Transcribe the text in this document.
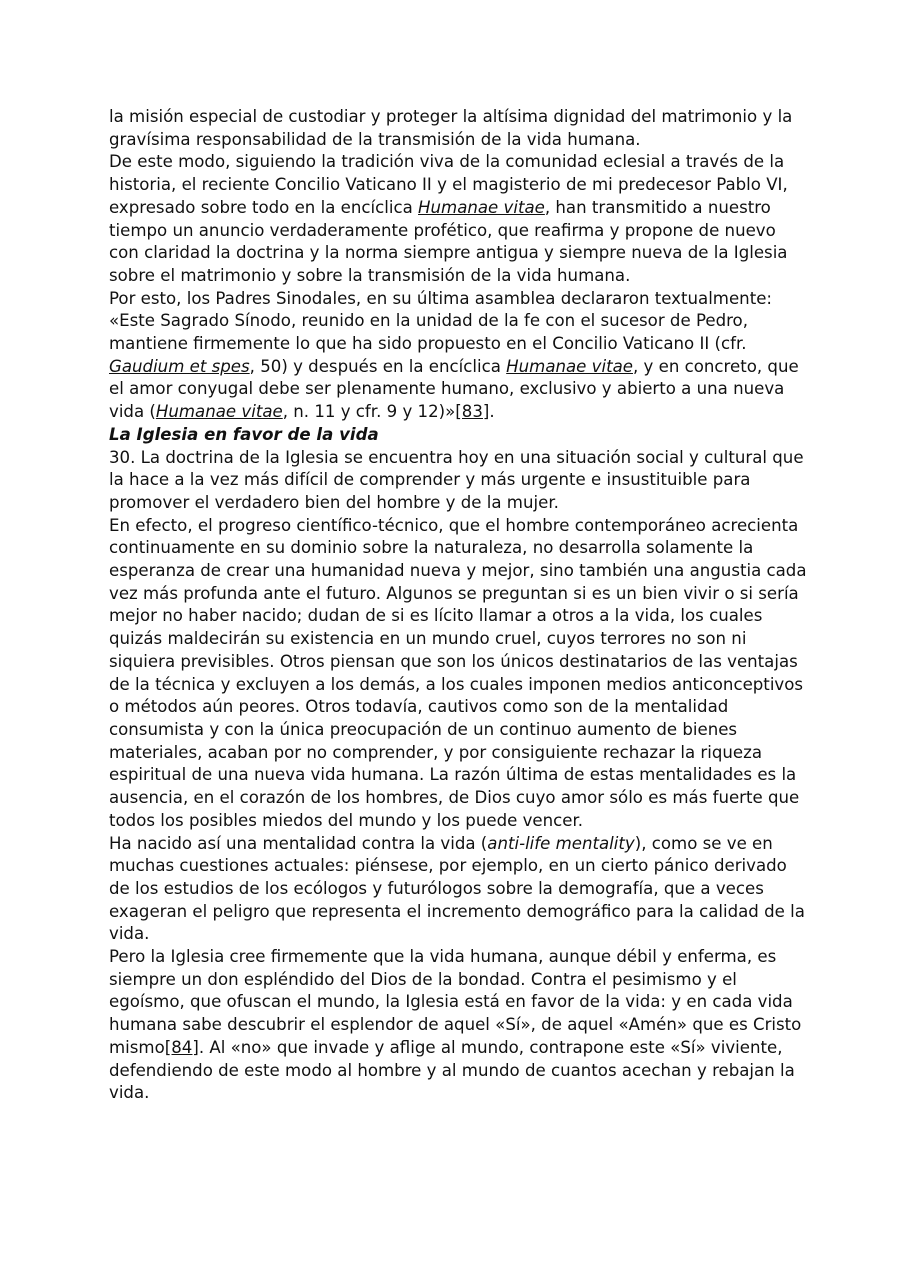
la misión especial de custodiar y proteger la altísima dignidad del matrimonio y la gravísima responsabilidad de la transmisión de la vida humana.

De este modo, siguiendo la tradición viva de la comunidad eclesial a través de la historia, el reciente Concilio Vaticano II y el magisterio de mi predecesor Pablo VI, expresado sobre todo en la encíclica Humanae vitae, han transmitido a nuestro tiempo un anuncio verdaderamente profético, que reafirma y propone de nuevo con claridad la doctrina y la norma siempre antigua y siempre nueva de la Iglesia sobre el matrimonio y sobre la transmisión de la vida humana.

Por esto, los Padres Sinodales, en su última asamblea declararon textualmente: «Este Sagrado Sínodo, reunido en la unidad de la fe con el sucesor de Pedro, mantiene firmemente lo que ha sido propuesto en el Concilio Vaticano II (cfr. Gaudium et spes, 50) y después en la encíclica Humanae vitae, y en concreto, que el amor conyugal debe ser plenamente humano, exclusivo y abierto a una nueva vida (Humanae vitae, n. 11 y cfr. 9 y 12)»[83].

La Iglesia en favor de la vida

30. La doctrina de la Iglesia se encuentra hoy en una situación social y cultural que la hace a la vez más difícil de comprender y más urgente e insustituible para promover el verdadero bien del hombre y de la mujer.

En efecto, el progreso científico-técnico, que el hombre contemporáneo acrecienta continuamente en su dominio sobre la naturaleza, no desarrolla solamente la esperanza de crear una humanidad nueva y mejor, sino también una angustia cada vez más profunda ante el futuro. Algunos se preguntan si es un bien vivir o si sería mejor no haber nacido; dudan de si es lícito llamar a otros a la vida, los cuales quizás maldecirán su existencia en un mundo cruel, cuyos terrores no son ni siquiera previsibles. Otros piensan que son los únicos destinatarios de las ventajas de la técnica y excluyen a los demás, a los cuales imponen medios anticonceptivos o métodos aún peores. Otros todavía, cautivos como son de la mentalidad consumista y con la única preocupación de un continuo aumento de bienes materiales, acaban por no comprender, y por consiguiente rechazar la riqueza espiritual de una nueva vida humana. La razón última de estas mentalidades es la ausencia, en el corazón de los hombres, de Dios cuyo amor sólo es más fuerte que todos los posibles miedos del mundo y los puede vencer.

Ha nacido así una mentalidad contra la vida (anti-life mentality), como se ve en muchas cuestiones actuales: piénsese, por ejemplo, en un cierto pánico derivado de los estudios de los ecólogos y futurólogos sobre la demografía, que a veces exageran el peligro que representa el incremento demográfico para la calidad de la vida.

Pero la Iglesia cree firmemente que la vida humana, aunque débil y enferma, es siempre un don espléndido del Dios de la bondad. Contra el pesimismo y el egoísmo, que ofuscan el mundo, la Iglesia está en favor de la vida: y en cada vida humana sabe descubrir el esplendor de aquel «Sí», de aquel «Amén» que es Cristo mismo[84]. Al «no» que invade y aflige al mundo, contrapone este «Sí» viviente, defendiendo de este modo al hombre y al mundo de cuantos acechan y rebajan la vida.
